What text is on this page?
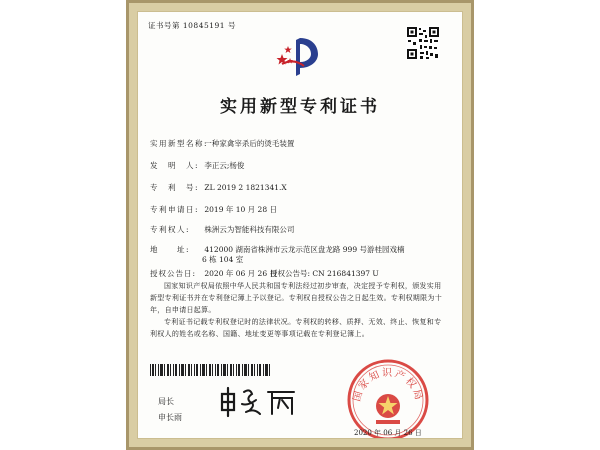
证书号第 10845191 号
实用新型专利证书
实用新型名称: 一种家禽宰杀后的烫毛装置
发　明　人: 李正云;杨俊
专　利　号: ZL 2019 2 1821341.X
专利申请日: 2019 年 10 月 28 日
专利权人: 株洲云为智能科技有限公司
地　　址: 412000 湖南省株洲市云龙示范区盘龙路 999 号游桂园戏楠
6 栋 104 室
授权公告日: 2020 年 06 月 26 日
授权公告号: CN 216841397 U
国家知识产权局依照中华人民共和国专利法经过初步审查，决定授予专利权，颁发实用新型专利证书并在专利登记簿上予以登记。专利权自授权公告之日起生效。专利权期限为十年，自申请日起算。
专利证书记载专利权登记时的法律状况。专利权的转移、质押、无效、终止、恢复和专利权人的姓名或名称、国籍、地址变更等事项记载在专利登记簿上。
局长
申长雨
国家知识产权局
2020 年 06 月 26 日
